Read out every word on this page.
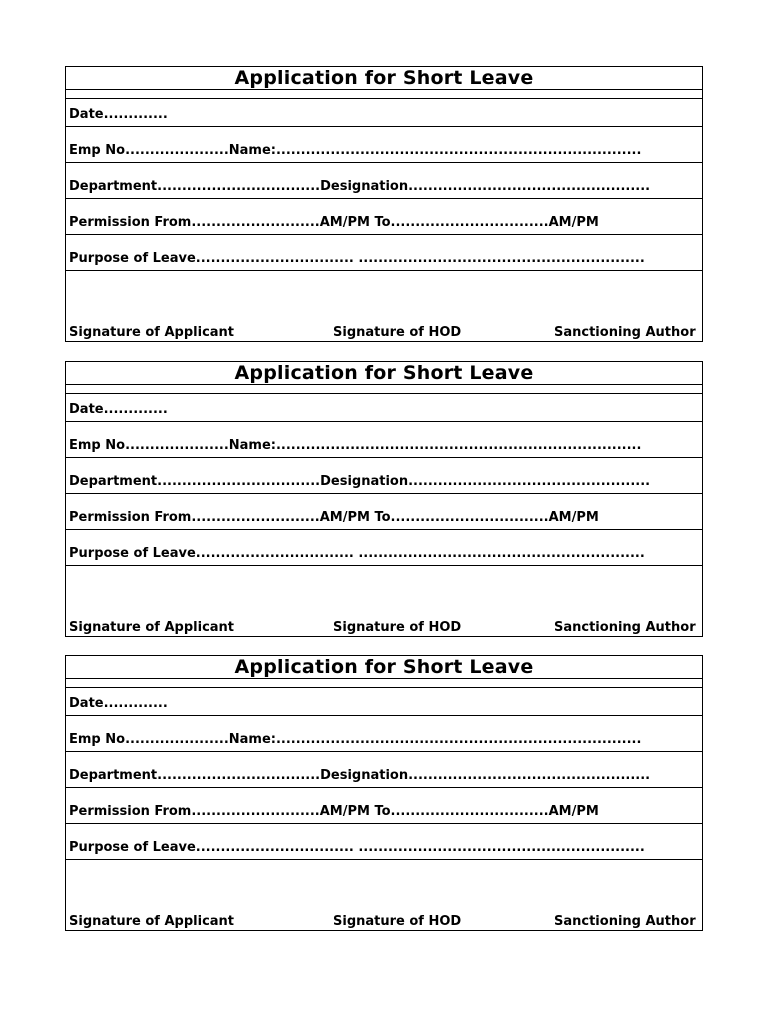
Application for Short Leave
Date.............
Emp No.....................Name:..........................................................................
Department.................................Designation.................................................
Permission From..........................AM/PM To................................AM/PM
Purpose of Leave................................ ..........................................................
Signature of Applicant	Signature of HOD	Sanctioning Author
Application for Short Leave
Date.............
Emp No.....................Name:..........................................................................
Department.................................Designation.................................................
Permission From..........................AM/PM To................................AM/PM
Purpose of Leave................................ ..........................................................
Signature of Applicant	Signature of HOD	Sanctioning Author
Application for Short Leave
Date.............
Emp No.....................Name:..........................................................................
Department.................................Designation.................................................
Permission From..........................AM/PM To................................AM/PM
Purpose of Leave................................ ..........................................................
Signature of Applicant	Signature of HOD	Sanctioning Author
